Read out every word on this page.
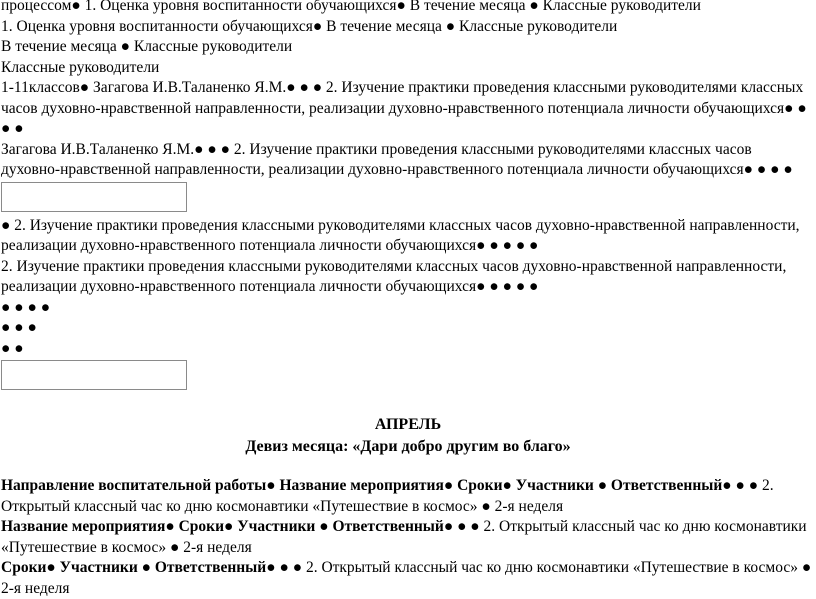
процессом● 1. Оценка уровня воспитанности обучающихся● В течение месяца ● Классные руководители
1. Оценка уровня воспитанности обучающихся● В течение месяца ● Классные руководители
В течение месяца ● Классные руководители
Классные руководители
1-11классов● Загагова И.В.Таланенко Я.М.● ● ● 2. Изучение практики проведения классными руководителями классных часов духовно-нравственной направленности, реализации духовно-нравственного потенциала личности обучающихся● ● ● ●
Загагова И.В.Таланенко Я.М.● ● ● 2. Изучение практики проведения классными руководителями классных часов духовно-нравственной направленности, реализации духовно-нравственного потенциала личности обучающихся● ● ● ●
● 2. Изучение практики проведения классными руководителями классных часов духовно-нравственной направленности, реализации духовно-нравственного потенциала личности обучающихся● ● ● ● ●
2. Изучение практики проведения классными руководителями классных часов духовно-нравственной направленности, реализации духовно-нравственного потенциала личности обучающихся● ● ● ● ●
● ● ● ●
● ● ●
● ●
АПРЕЛЬ
Девиз месяца: «Дари добро другим во благо»
Направление воспитательной работы● Название мероприятия● Сроки● Участники ● Ответственный● ● ● 2. Открытый классный час ко дню космонавтики «Путешествие в космос» ● 2-я неделя
Название мероприятия● Сроки● Участники ● Ответственный● ● ● 2. Открытый классный час ко дню космонавтики «Путешествие в космос» ● 2-я неделя
Сроки● Участники ● Ответственный● ● ● 2. Открытый классный час ко дню космонавтики «Путешествие в космос» ● 2-я неделя
